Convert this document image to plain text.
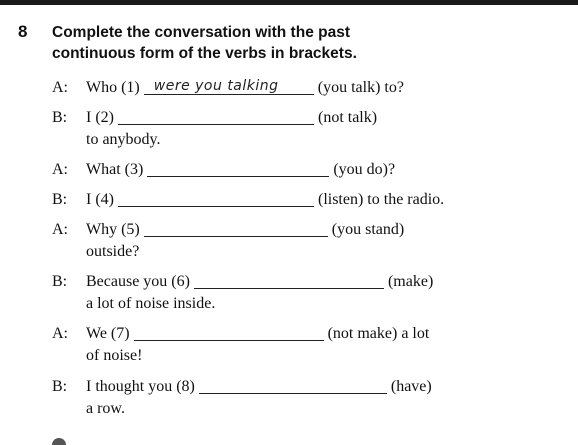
8 Complete the conversation with the past
continuous form of the verbs in brackets.
A: Who (1) were you talking (you talk) to?
B: I (2)	(not talk)
to anybody.
A: What (3)	(you do)?
B: I (4)	(listen) to the radio.
A: Why (5)	(you stand)
outside?
B: Because you (6)	(make)
a lot of noise inside.
A: We (7)	(not make) a lot
of noise!
B: I thought you (8)	(have)
a row.
